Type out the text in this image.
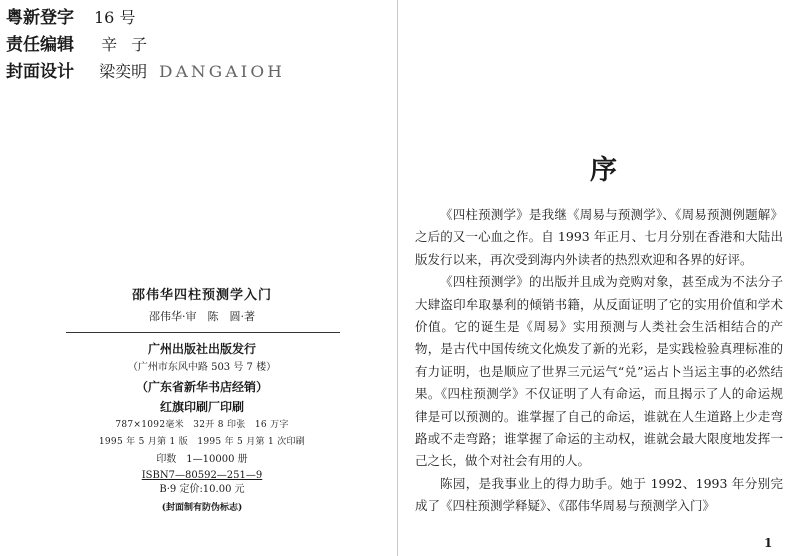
粤新登字 16 号
责任编辑 辛子
封面设计 梁奕明 DANGAIOH
邵伟华四柱预测学入门
邵伟华·审　陈　圆·著
广州出版社出版发行
（广州市东风中路 503 号 7 楼）
（广东省新华书店经销）
红旗印刷厂印刷
787×1092毫米　32开 8 印张　16 万字
1995 年 5 月第 1 版　1995 年 5 月第 1 次印刷
印数　1—10000 册
ISBN7—80592—251—9
B·9 定价:10.00 元
(封面制有防伪标志)
序

《四柱预测学》是我继《周易与预测学》、《周易预测例题解》之后的又一心血之作。自 1993 年正月、七月分别在香港和大陆出版发行以来，再次受到海内外读者的热烈欢迎和各界的好评。

《四柱预测学》的出版并且成为竞购对象，甚至成为不法分子大肆盗印牟取暴利的倾销书籍，从反面证明了它的实用价值和学术价值。它的诞生是《周易》实用预测与人类社会生活相结合的产物，是古代中国传统文化焕发了新的光彩，是实践检验真理标准的有力证明，也是顺应了世界三元运气“兑”运占卜当运主事的必然结果。《四柱预测学》不仅证明了人有命运，而且揭示了人的命运规律是可以预测的。谁掌握了自己的命运，谁就在人生道路上少走弯路或不走弯路；谁掌握了命运的主动权，谁就会最大限度地发挥一己之长，做个对社会有用的人。

陈园，是我事业上的得力助手。她于 1992、1993 年分别完成了《四柱预测学释疑》、《邵伟华周易与预测学入门》

1
